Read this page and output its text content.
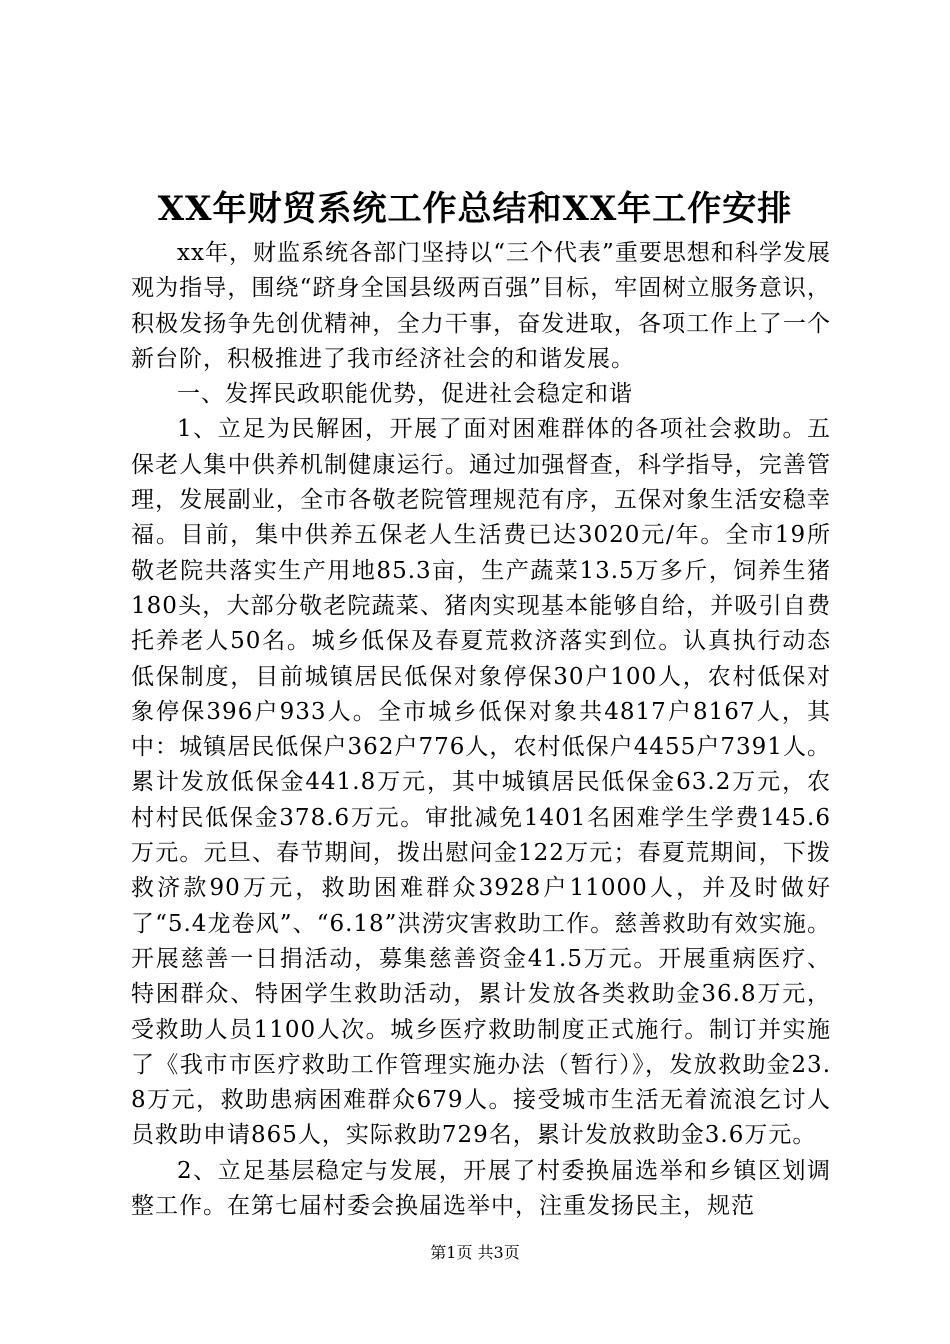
XX年财贸系统工作总结和XX年工作安排

xx年，财监系统各部门坚持以“三个代表”重要思想和科学发展观为指导，围绕“跻身全国县级两百强”目标，牢固树立服务意识，积极发扬争先创优精神，全力干事，奋发进取，各项工作上了一个新台阶，积极推进了我市经济社会的和谐发展。

一、发挥民政职能优势，促进社会稳定和谐

1、立足为民解困，开展了面对困难群体的各项社会救助。五保老人集中供养机制健康运行。通过加强督查，科学指导，完善管理，发展副业，全市各敬老院管理规范有序，五保对象生活安稳幸福。目前，集中供养五保老人生活费已达3020元/年。全市19所敬老院共落实生产用地85.3亩，生产蔬菜13.5万多斤，饲养生猪180头，大部分敬老院蔬菜、猪肉实现基本能够自给，并吸引自费托养老人50名。城乡低保及春夏荒救济落实到位。认真执行动态低保制度，目前城镇居民低保对象停保30户100人，农村低保对象停保396户933人。全市城乡低保对象共4817户8167人，其中：城镇居民低保户362户776人，农村低保户4455户7391人。累计发放低保金441.8万元，其中城镇居民低保金63.2万元，农村村民低保金378.6万元。审批减免1401名困难学生学费145.6万元。元旦、春节期间，拨出慰问金122万元；春夏荒期间，下拨救济款90万元，救助困难群众3928户11000人，并及时做好了“5.4龙卷风”、“6.18”洪涝灾害救助工作。慈善救助有效实施。开展慈善一日捐活动，募集慈善资金41.5万元。开展重病医疗、特困群众、特困学生救助活动，累计发放各类救助金36.8万元，受救助人员1100人次。城乡医疗救助制度正式施行。制订并实施了《我市市医疗救助工作管理实施办法（暂行）》，发放救助金23.8万元，救助患病困难群众679人。接受城市生活无着流浪乞讨人员救助申请865人，实际救助729名，累计发放救助金3.6万元。

2、立足基层稳定与发展，开展了村委换届选举和乡镇区划调整工作。在第七届村委会换届选举中，注重发扬民主，规范

第1页 共3页
